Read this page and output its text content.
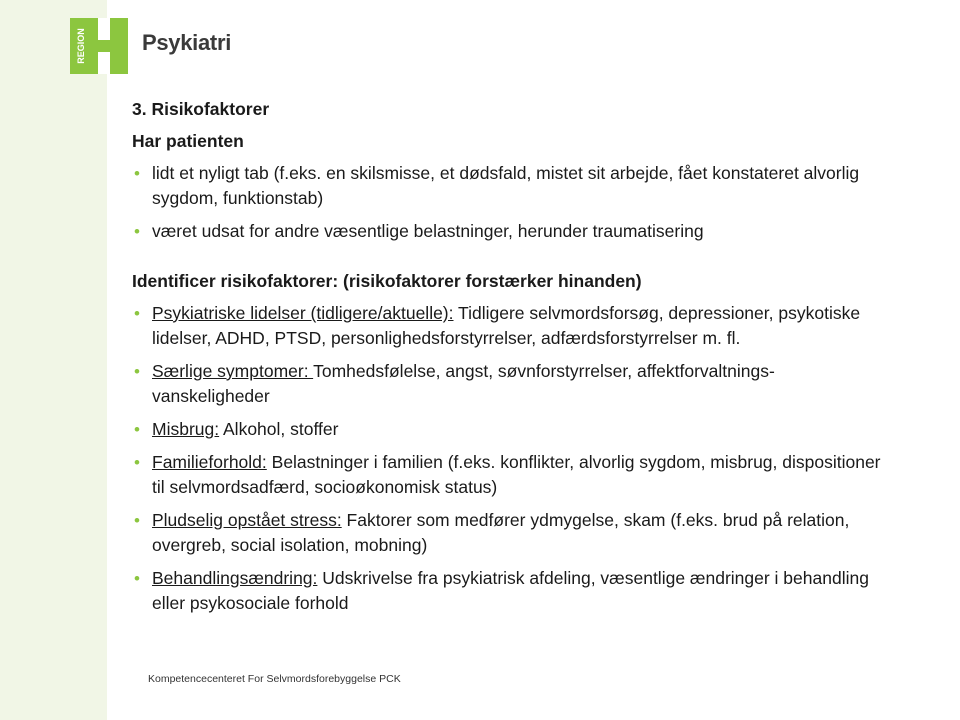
REGION	Psykiatri

3. Risikofaktorer

Har patienten

• lidt et nyligt tab (f.eks. en skilsmisse, et dødsfald, mistet sit arbejde, fået konstateret alvorlig sygdom, funktionstab)
• været udsat for andre væsentlige belastninger, herunder traumatisering

Identificer risikofaktorer: (risikofaktorer forstærker hinanden)

• Psykiatriske lidelser (tidligere/aktuelle): Tidligere selvmordsforsøg, depressioner, psykotiske lidelser, ADHD, PTSD, personlighedsforstyrrelser, adfærdsforstyrrelser m. fl.
• Særlige symptomer: Tomhedsfølelse, angst, søvnforstyrrelser, affektforvaltnings-vanskeligheder
• Misbrug: Alkohol, stoffer
• Familieforhold: Belastninger i familien (f.eks. konflikter, alvorlig sygdom, misbrug, dispositioner til selvmordsadfærd, socioøkonomisk status)
• Pludselig opstået stress: Faktorer som medfører ydmygelse, skam (f.eks. brud på relation, overgreb, social isolation, mobning)
• Behandlingsændring: Udskrivelse fra psykiatrisk afdeling, væsentlige ændringer i behandling eller psykosociale forhold
Kompetencecenteret For Selvmordsforebyggelse PCK
